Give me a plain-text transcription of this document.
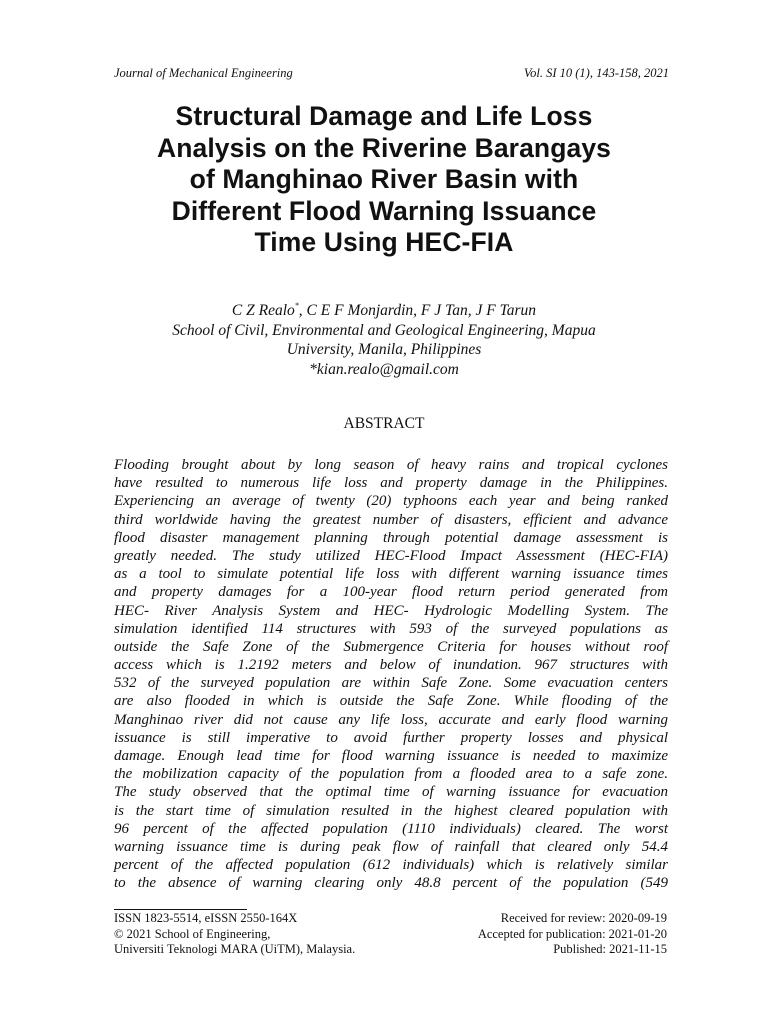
Journal of Mechanical Engineering	Vol. SI 10 (1), 143-158, 2021
Structural Damage and Life Loss
Analysis on the Riverine Barangays
of Manghinao River Basin with
Different Flood Warning Issuance
Time Using HEC-FIA
C Z Realo*, C E F Monjardin, F J Tan, J F Tarun
School of Civil, Environmental and Geological Engineering, Mapua
University, Manila, Philippines
*kian.realo@gmail.com
ABSTRACT
Flooding brought about by long season of heavy rains and tropical cyclones
have resulted to numerous life loss and property damage in the Philippines.
Experiencing an average of twenty (20) typhoons each year and being ranked
third worldwide having the greatest number of disasters, efficient and advance
flood disaster management planning through potential damage assessment is
greatly needed. The study utilized HEC-Flood Impact Assessment (HEC-FIA)
as a tool to simulate potential life loss with different warning issuance times
and property damages for a 100-year flood return period generated from
HEC- River Analysis System and HEC- Hydrologic Modelling System. The
simulation identified 114 structures with 593 of the surveyed populations as
outside the Safe Zone of the Submergence Criteria for houses without roof
access which is 1.2192 meters and below of inundation. 967 structures with
532 of the surveyed population are within Safe Zone. Some evacuation centers
are also flooded in which is outside the Safe Zone. While flooding of the
Manghinao river did not cause any life loss, accurate and early flood warning
issuance is still imperative to avoid further property losses and physical
damage. Enough lead time for flood warning issuance is needed to maximize
the mobilization capacity of the population from a flooded area to a safe zone.
The study observed that the optimal time of warning issuance for evacuation
is the start time of simulation resulted in the highest cleared population with
96 percent of the affected population (1110 individuals) cleared. The worst
warning issuance time is during peak flow of rainfall that cleared only 54.4
percent of the affected population (612 individuals) which is relatively similar
to the absence of warning clearing only 48.8 percent of the population (549
ISSN 1823-5514, eISSN 2550-164X
© 2021 School of Engineering,
Universiti Teknologi MARA (UiTM), Malaysia.
Received for review: 2020-09-19
Accepted for publication: 2021-01-20
Published: 2021-11-15
